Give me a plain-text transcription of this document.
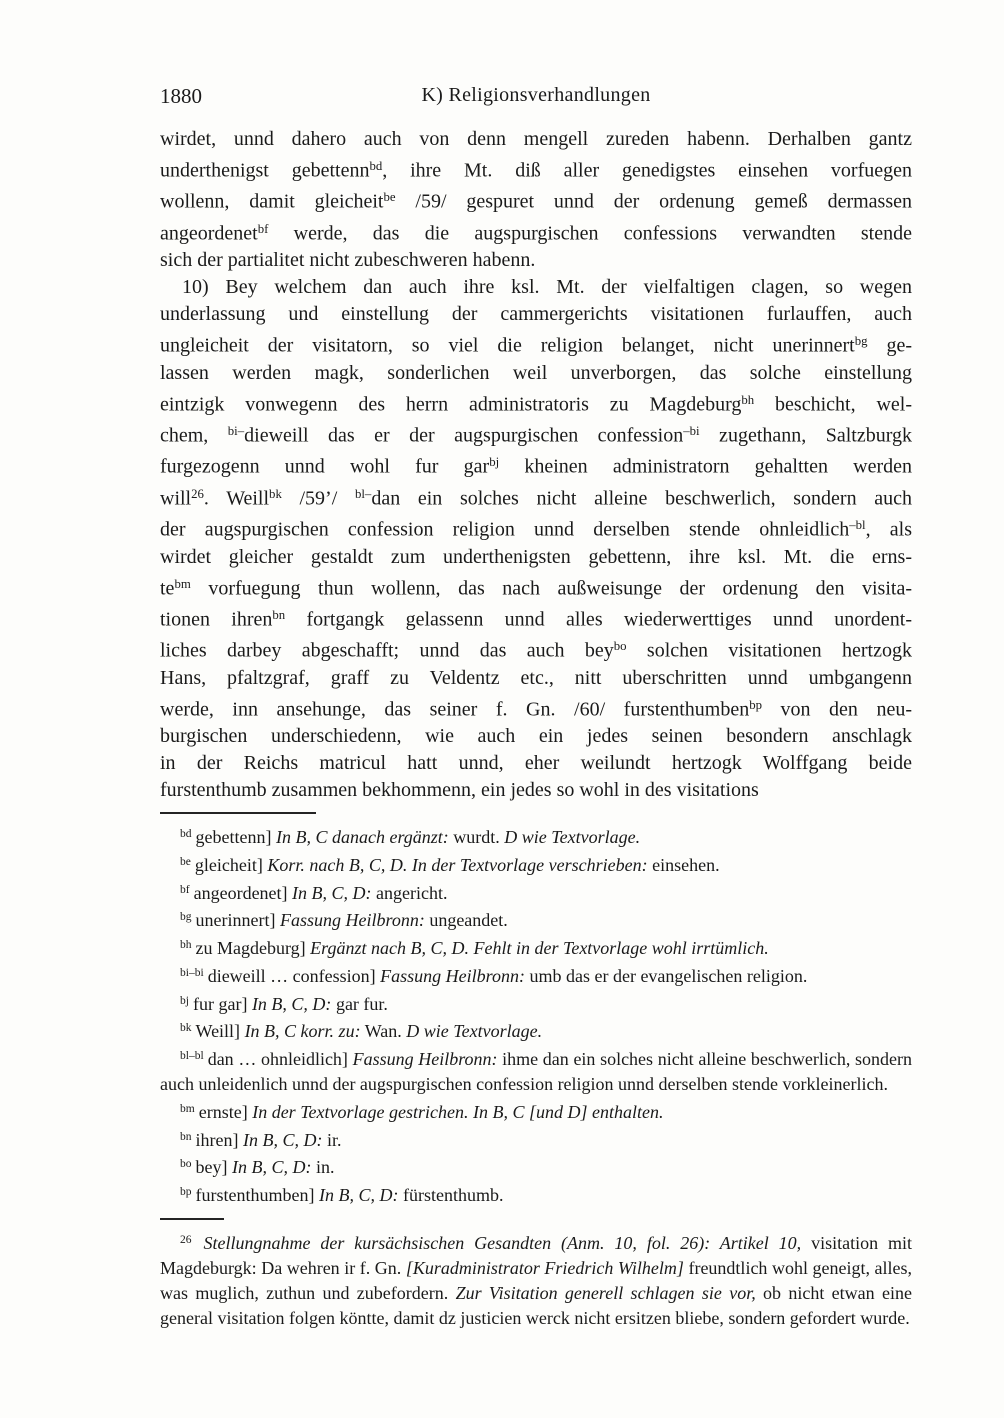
1880	K) Religionsverhandlungen
wirdet, unnd dahero auch von denn mengell zureden habenn. Derhalben gantz
underthenigst gebettenn$^{bd}$, ihre Mt. diß aller genedigstes einsehen vorfuegen
wollenn, damit gleicheit$^{be}$ /59/ gespuret unnd der ordenung gemeß dermassen
angeordenet$^{bf}$ werde, das die augspurgischen confessions verwandten stende
sich der partialitet nicht zubeschweren habenn.
10) Bey welchem dan auch ihre ksl. Mt. der vielfaltigen clagen, so wegen
underlassung und einstellung der cammergerichts visitationen furlauffen, auch
ungleicheit der visitatorn, so viel die religion belanget, nicht unerinnert$^{bg}$ ge-
lassen werden magk, sonderlichen weil unverborgen, das solche einstellung
eintzigk vonwegenn des herrn administratoris zu Magdeburg$^{bh}$ beschicht, wel-
chem, $^{bi-}$dieweill das er der augspurgischen confession$^{-bi}$ zugethann, Saltzburgk
furgezogenn unnd wohl fur gar$^{bj}$ kheinen administratorn gehaltten werden
will$^{26}$. Weill$^{bk}$ /59’/ $^{bl-}$dan ein solches nicht alleine beschwerlich, sondern auch
der augspurgischen confession religion unnd derselben stende ohnleidlich$^{-bl}$, als
wirdet gleicher gestaldt zum underthenigsten gebettenn, ihre ksl. Mt. die erns-
$te^{bm}$ vorfuegung thun wollenn, das nach außweisunge der ordenung den visita-
tionen ihren$^{bn}$ fortgangk gelassenn unnd alles wiederwerttiges unnd unordent-
liches darbey abgeschafft; unnd das auch bey$^{bo}$ solchen visitationen hertzogk
Hans, pfaltzgraf, graff zu Veldentz etc., nitt uberschritten unnd umbgangenn
werde, inn ansehunge, das seiner f. Gn. /60/ furstenthumben$^{bp}$ von den neu-
burgischen underschiedenn, wie auch ein jedes seinen besondern anschlagk
in der Reichs matricul hatt unnd, eher weilundt hertzogk Wolffgang beide
furstenthumb zusammen bekhommenn, ein jedes so wohl in des visitations
$^{bd}$ gebettenn] In B, C danach ergänzt: wurdt. D wie Textvorlage.
$^{be}$ gleicheit] Korr. nach B, C, D. In der Textvorlage verschrieben: einsehen.
$^{bf}$ angeordenet] In B, C, D: angericht.
$^{bg}$ unerinnert] Fassung Heilbronn: ungeandet.
$^{bh}$ zu Magdeburg] Ergänzt nach B, C, D. Fehlt in der Textvorlage wohl irrtümlich.
$^{bi-bi}$ dieweill … confession] Fassung Heilbronn: umb das er der evangelischen religion.
$^{bj}$ fur gar] In B, C, D: gar fur.
$^{bk}$ Weill] In B, C korr. zu: Wan. D wie Textvorlage.
$^{bl-bl}$ dan … ohnleidlich] Fassung Heilbronn: ihme dan ein solches nicht alleine beschwerlich, sondern auch unleidenlich unnd der augspurgischen confession religion unnd derselben stende vorkleinerlich.
$^{bm}$ ernste] In der Textvorlage gestrichen. In B, C [und D] enthalten.
$^{bn}$ ihren] In B, C, D: ir.
$^{bo}$ bey] In B, C, D: in.
$^{bp}$ furstenthumben] In B, C, D: fürstenthumb.
$^{26}$ Stellungnahme der kursächsischen Gesandten (Anm. 10, fol. 26): Artikel 10, visitation mit Magdeburgk: Da wehren ir f. Gn. [Kuradministrator Friedrich Wilhelm] freundtlich wohl geneigt, alles, was muglich, zuthun und zubefordern. Zur Visitation generell schlagen sie vor, ob nicht etwan eine general visitation folgen köntte, damit dz justicien werck nicht ersitzen bliebe, sondern gefordert wurde.
